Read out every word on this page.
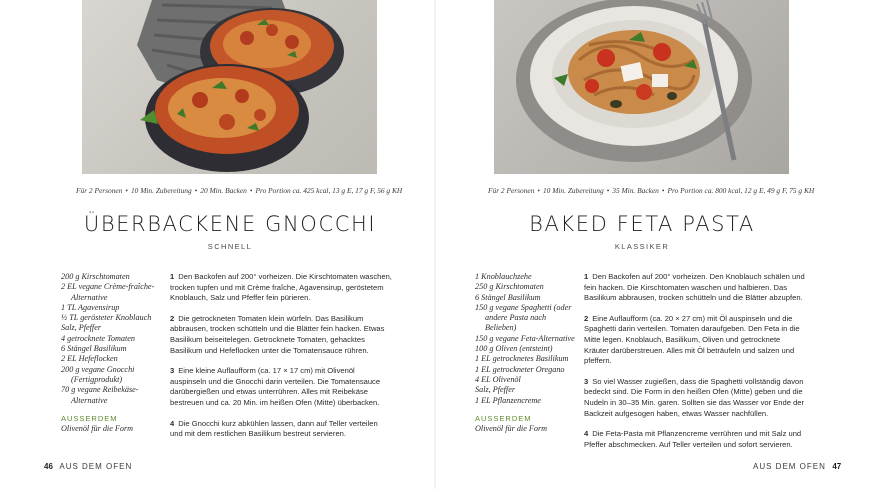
Für 2 Personen • 10 Min. Zubereitung • 20 Min. Backen • Pro Portion ca. 425 kcal, 13 g E, 17 g F, 56 g KH
ÜBERBACKENE GNOCCHI
SCHNELL
200 g Kirschtomaten
2 EL vegane Crème-fraîche-
Alternative
1 TL Agavensirup
½ TL gerösteter Knoblauch
Salz, Pfeffer
4 getrocknete Tomaten
6 Stängel Basilikum
2 EL Hefeflocken
200 g vegane Gnocchi
(Fertigprodukt)
70 g vegane Reibekäse-
Alternative
AUSSERDEM
Olivenöl für die Form

1 Den Backofen auf 200° vorheizen. Die Kirschtomaten waschen, trocken tupfen und mit Crème fraîche, Agavensirup, geröstetem Knoblauch, Salz und Pfeffer fein pürieren.

2 Die getrockneten Tomaten klein würfeln. Das Basilikum abbrausen, trocken schütteln und die Blätter fein hacken. Etwas Basilikum beiseitelegen. Getrocknete Tomaten, gehacktes Basilikum und Hefeflocken unter die Tomatensauce rühren.

3 Eine kleine Auflaufform (ca. 17 × 17 cm) mit Olivenöl auspinseln und die Gnocchi darin verteilen. Die Tomatensauce darübergießen und etwas unterrühren. Alles mit Reibekäse bestreuen und ca. 20 Min. im heißen Ofen (Mitte) überbacken.

4 Die Gnocchi kurz abkühlen lassen, dann auf Teller verteilen und mit dem restlichen Basilikum bestreut servieren.

46 AUS DEM OFEN
Für 2 Personen • 10 Min. Zubereitung • 35 Min. Backen • Pro Portion ca. 800 kcal, 12 g E, 49 g F, 75 g KH
BAKED FETA PASTA
KLASSIKER
1 Knoblauchzehe
250 g Kirschtomaten
6 Stängel Basilikum
150 g vegane Spaghetti (oder
andere Pasta nach Belieben)
150 g vegane Feta-Alternative
100 g Oliven (entsteint)
1 EL getrocknetes Basilikum
1 EL getrockneter Oregano
4 EL Olivenöl
Salz, Pfeffer
1 EL Pflanzencreme
AUSSERDEM
Olivenöl für die Form

1 Den Backofen auf 200° vorheizen. Den Knoblauch schälen und fein hacken. Die Kirschtomaten waschen und halbieren. Das Basilikum abbrausen, trocken schütteln und die Blätter abzupfen.

2 Eine Auflaufform (ca. 20 × 27 cm) mit Öl auspinseln und die Spaghetti darin verteilen. Tomaten daraufgeben. Den Feta in die Mitte legen. Knoblauch, Basilikum, Oliven und getrocknete Kräuter darüberstreuen. Alles mit Öl beträufeln und salzen und pfeffern.

3 So viel Wasser zugießen, dass die Spaghetti vollständig davon bedeckt sind. Die Form in den heißen Ofen (Mitte) geben und die Nudeln in 30–35 Min. garen. Sollten sie das Wasser vor Ende der Backzeit aufgesogen haben, etwas Wasser nachfüllen.

4 Die Feta-Pasta mit Pflanzencreme verrühren und mit Salz und Pfeffer abschmecken. Auf Teller verteilen und sofort servieren.

AUS DEM OFEN 47
